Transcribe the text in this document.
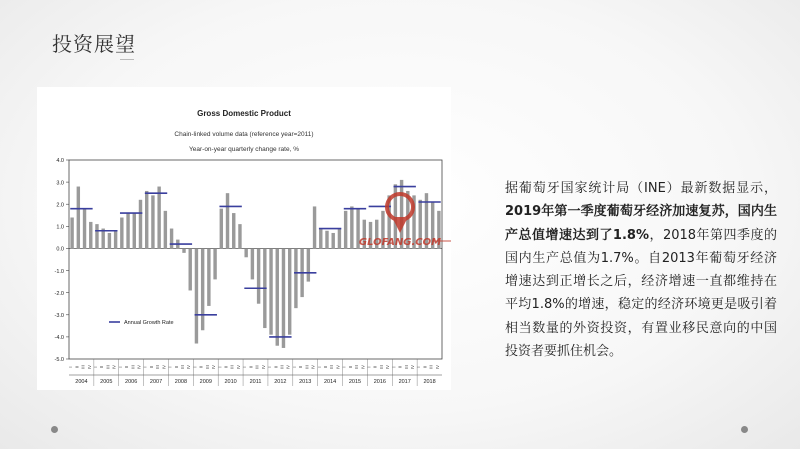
投资展望
4.0
3.0
2.0
1.0
0.0
-1.0
-2.0
-3.0
-4.0
-5.0
I II III IV I II III IV I II III IV I II III IV I II III IV I II III IV I II III IV I II III IV I II III IV I II III IV I II III IV I II III IV I II III IV I II III IV I II III IV
2004 2005 2006 2007 2008 2009 2010 2011 2012 2013 2014 2015 2016 2017 2018
Annual Growth Rate
GLOFANG.COM
Gross Domestic Product
Chain-linked volume data (reference year=2011)
Year-on-year quarterly change rate, %
据葡萄牙国家统计局（INE）最新数据显示，2019年第一季度葡萄牙经济加速复苏，国内生产总值增速达到了1.8%，2018年第四季度的国内生产总值为1.7%。自2013年葡萄牙经济增速达到正增长之后，经济增速一直都维持在平均1.8%的增速，稳定的经济环境更是吸引着相当数量的外资投资，有置业移民意向的中国投资者要抓住机会。
